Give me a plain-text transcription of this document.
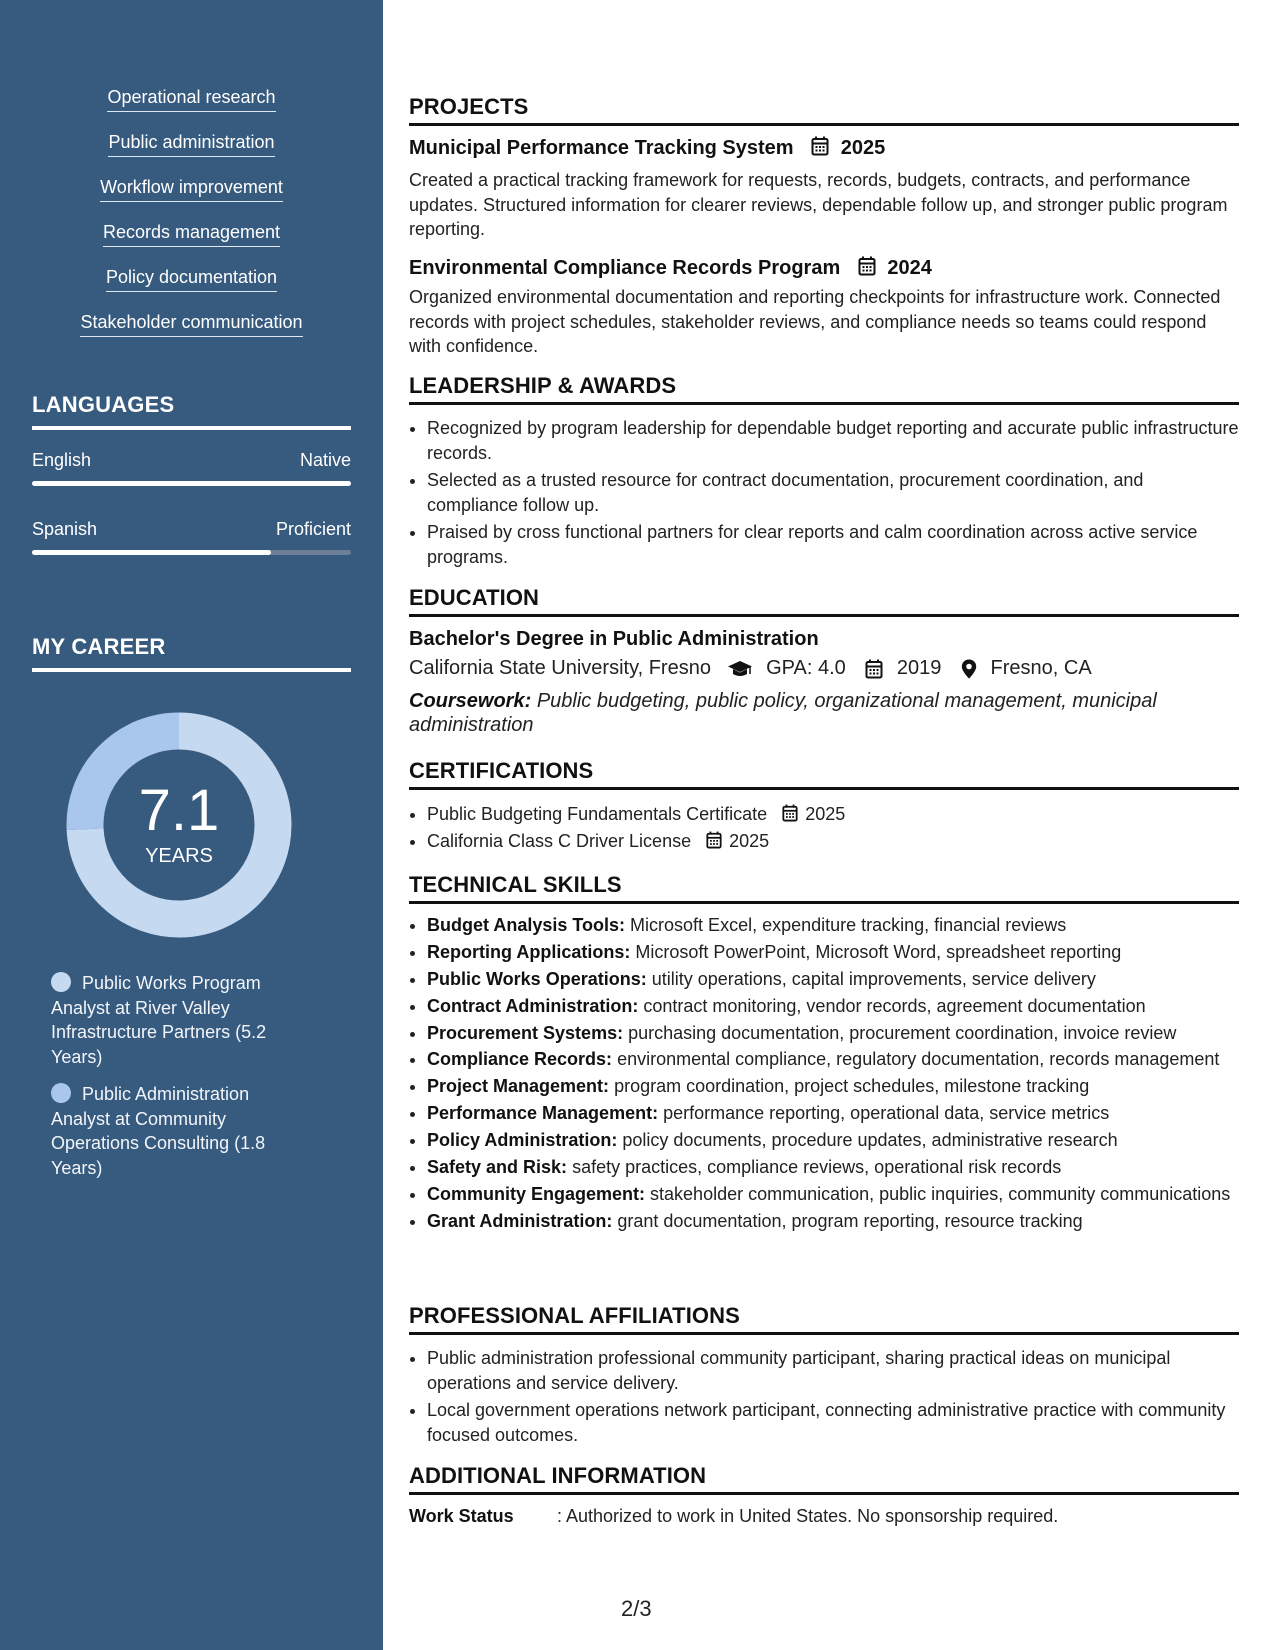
Operational research
Public administration
Workflow improvement
Records management
Policy documentation
Stakeholder communication
LANGUAGES
English	Native
Spanish	Proficient
MY CAREER
7.1
YEARS
Public Works Program Analyst at River Valley Infrastructure Partners (5.2 Years)
Public Administration Analyst at Community Operations Consulting (1.8 Years)
PROJECTS
Municipal Performance Tracking System 2025
Created a practical tracking framework for requests, records, budgets, contracts, and performance updates. Structured information for clearer reviews, dependable follow up, and stronger public program reporting.
Environmental Compliance Records Program 2024
Organized environmental documentation and reporting checkpoints for infrastructure work. Connected records with project schedules, stakeholder reviews, and compliance needs so teams could respond with confidence.
LEADERSHIP & AWARDS
• Recognized by program leadership for dependable budget reporting and accurate public infrastructure records.
• Selected as a trusted resource for contract documentation, procurement coordination, and compliance follow up.
• Praised by cross functional partners for clear reports and calm coordination across active service programs.
EDUCATION
Bachelor's Degree in Public Administration
California State University, Fresno	GPA: 4.0	2019 Fresno, CA
Coursework: Public budgeting, public policy, organizational management, municipal administration
CERTIFICATIONS
• Public Budgeting Fundamentals Certificate 2025
• California Class C Driver License 2025
TECHNICAL SKILLS
• Budget Analysis Tools: Microsoft Excel, expenditure tracking, financial reviews
• Reporting Applications: Microsoft PowerPoint, Microsoft Word, spreadsheet reporting
• Public Works Operations: utility operations, capital improvements, service delivery
• Contract Administration: contract monitoring, vendor records, agreement documentation
• Procurement Systems: purchasing documentation, procurement coordination, invoice review
• Compliance Records: environmental compliance, regulatory documentation, records management
• Project Management: program coordination, project schedules, milestone tracking
• Performance Management: performance reporting, operational data, service metrics
• Policy Administration: policy documents, procedure updates, administrative research
• Safety and Risk: safety practices, compliance reviews, operational risk records
• Community Engagement: stakeholder communication, public inquiries, community communications
• Grant Administration: grant documentation, program reporting, resource tracking
PROFESSIONAL AFFILIATIONS
• Public administration professional community participant, sharing practical ideas on municipal operations and service delivery.
• Local government operations network participant, connecting administrative practice with community focused outcomes.
ADDITIONAL INFORMATION
Work Status : Authorized to work in United States. No sponsorship required.
2/3
